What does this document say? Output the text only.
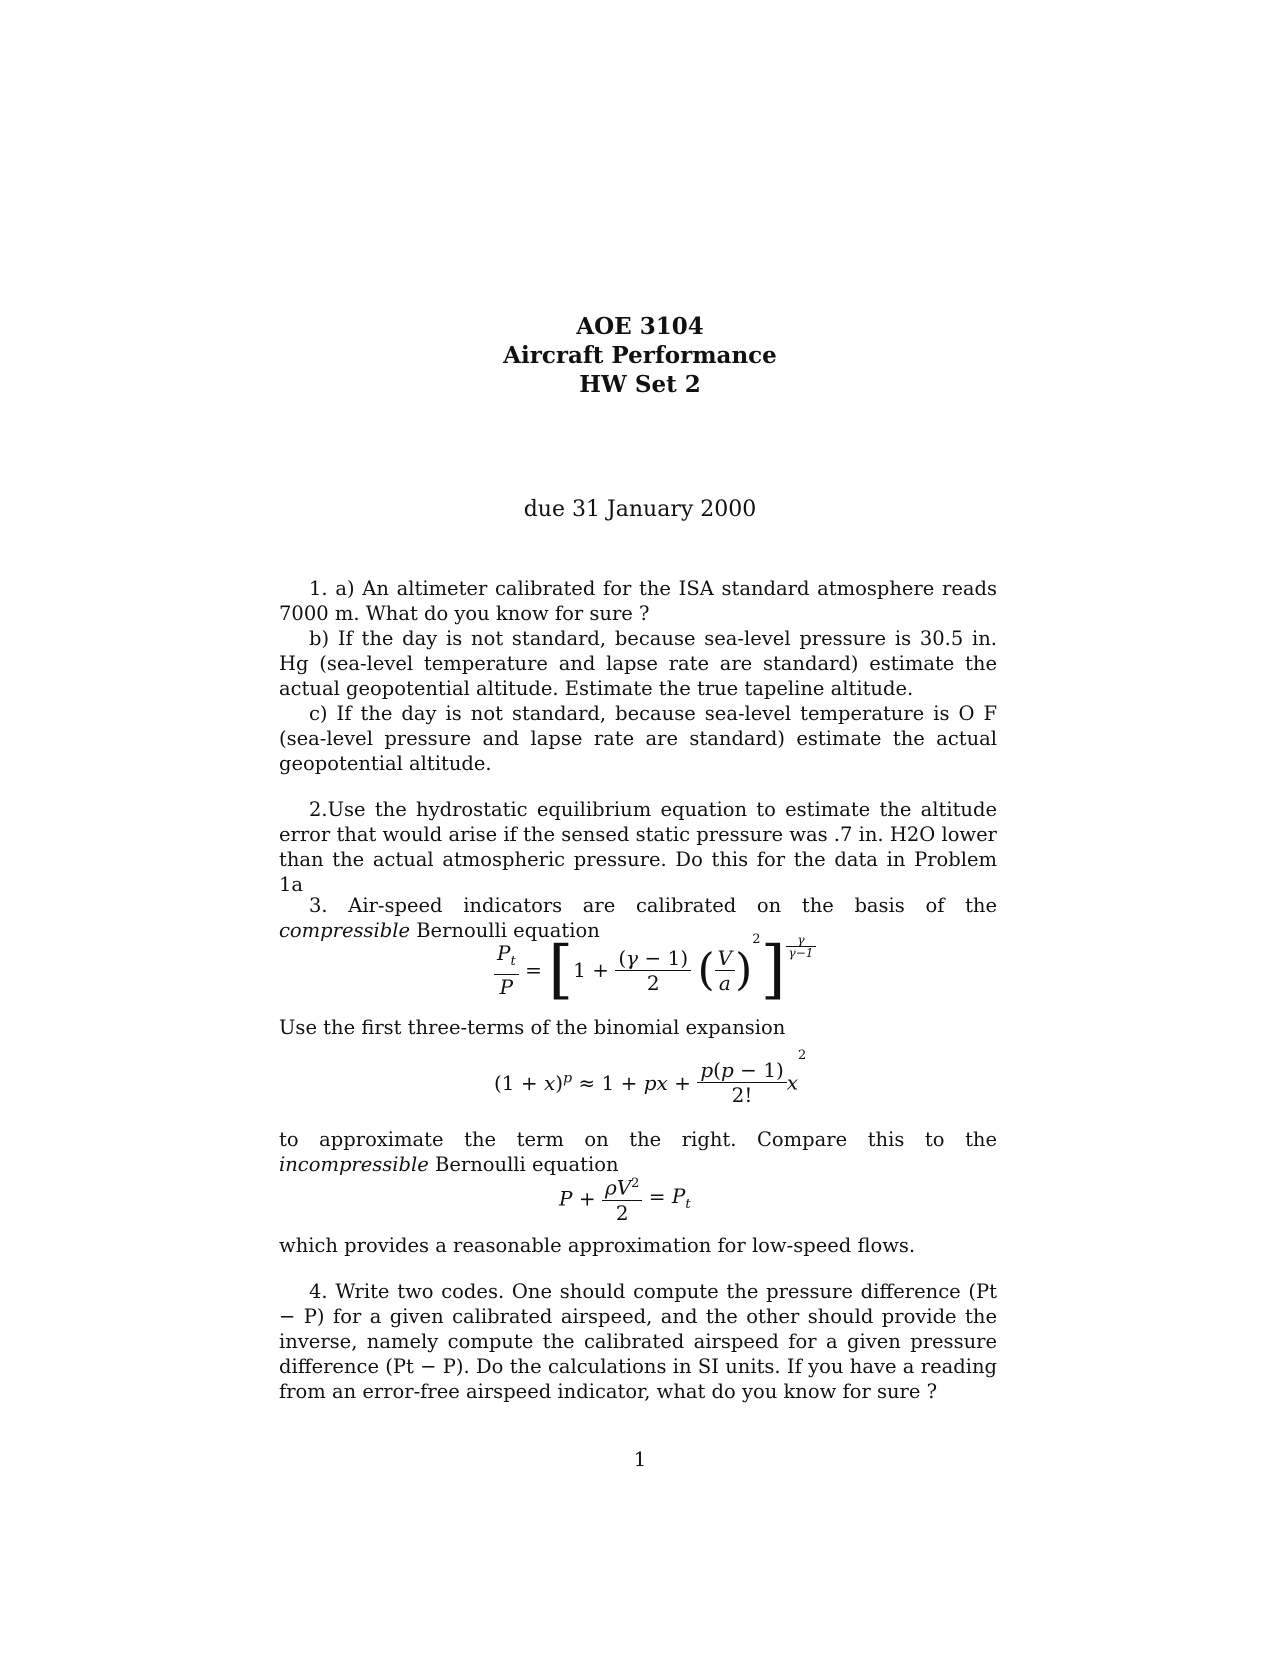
AOE 3104
Aircraft Performance
HW Set 2
due 31 January 2000

1. a) An altimeter calibrated for the ISA standard atmosphere reads 7000 m. What do you know for sure ?

b) If the day is not standard, because sea-level pressure is 30.5 in. Hg (sea-level temperature and lapse rate are standard) estimate the actual geopotential altitude. Estimate the true tapeline altitude.

c) If the day is not standard, because sea-level temperature is O F (sea-level pressure and lapse rate are standard) estimate the actual geopotential altitude.

2.Use the hydrostatic equilibrium equation to estimate the altitude error that would arise if the sensed static pressure was .7 in. H2O lower than the actual atmospheric pressure. Do this for the data in Problem 1a

3. Air-speed indicators are calibrated on the basis of the compressible Bernoulli equation

$\frac{P_t}{P} = [1 + \frac{(\gamma - 1)}{2}$ ( $\frac{V}{a} )^2] \frac{\gamma}{\gamma-1}$

Use the first three-terms of the binomial expansion

$(1 + x)^p \approx 1$ + px + $\frac{p(p - 1)}{2!} x^2$

to approximate the term on the right. Compare this to the incompressible Bernoulli equation

$P + \frac{\rho V^2}{2} = P_t$

which provides a reasonable approximation for low-speed flows.

4. Write two codes. One should compute the pressure difference (Pt − P) for a given calibrated airspeed, and the other should provide the inverse, namely compute the calibrated airspeed for a given pressure difference (Pt − P). Do the calculations in SI units. If you have a reading from an error-free airspeed indicator, what do you know for sure ?

1
